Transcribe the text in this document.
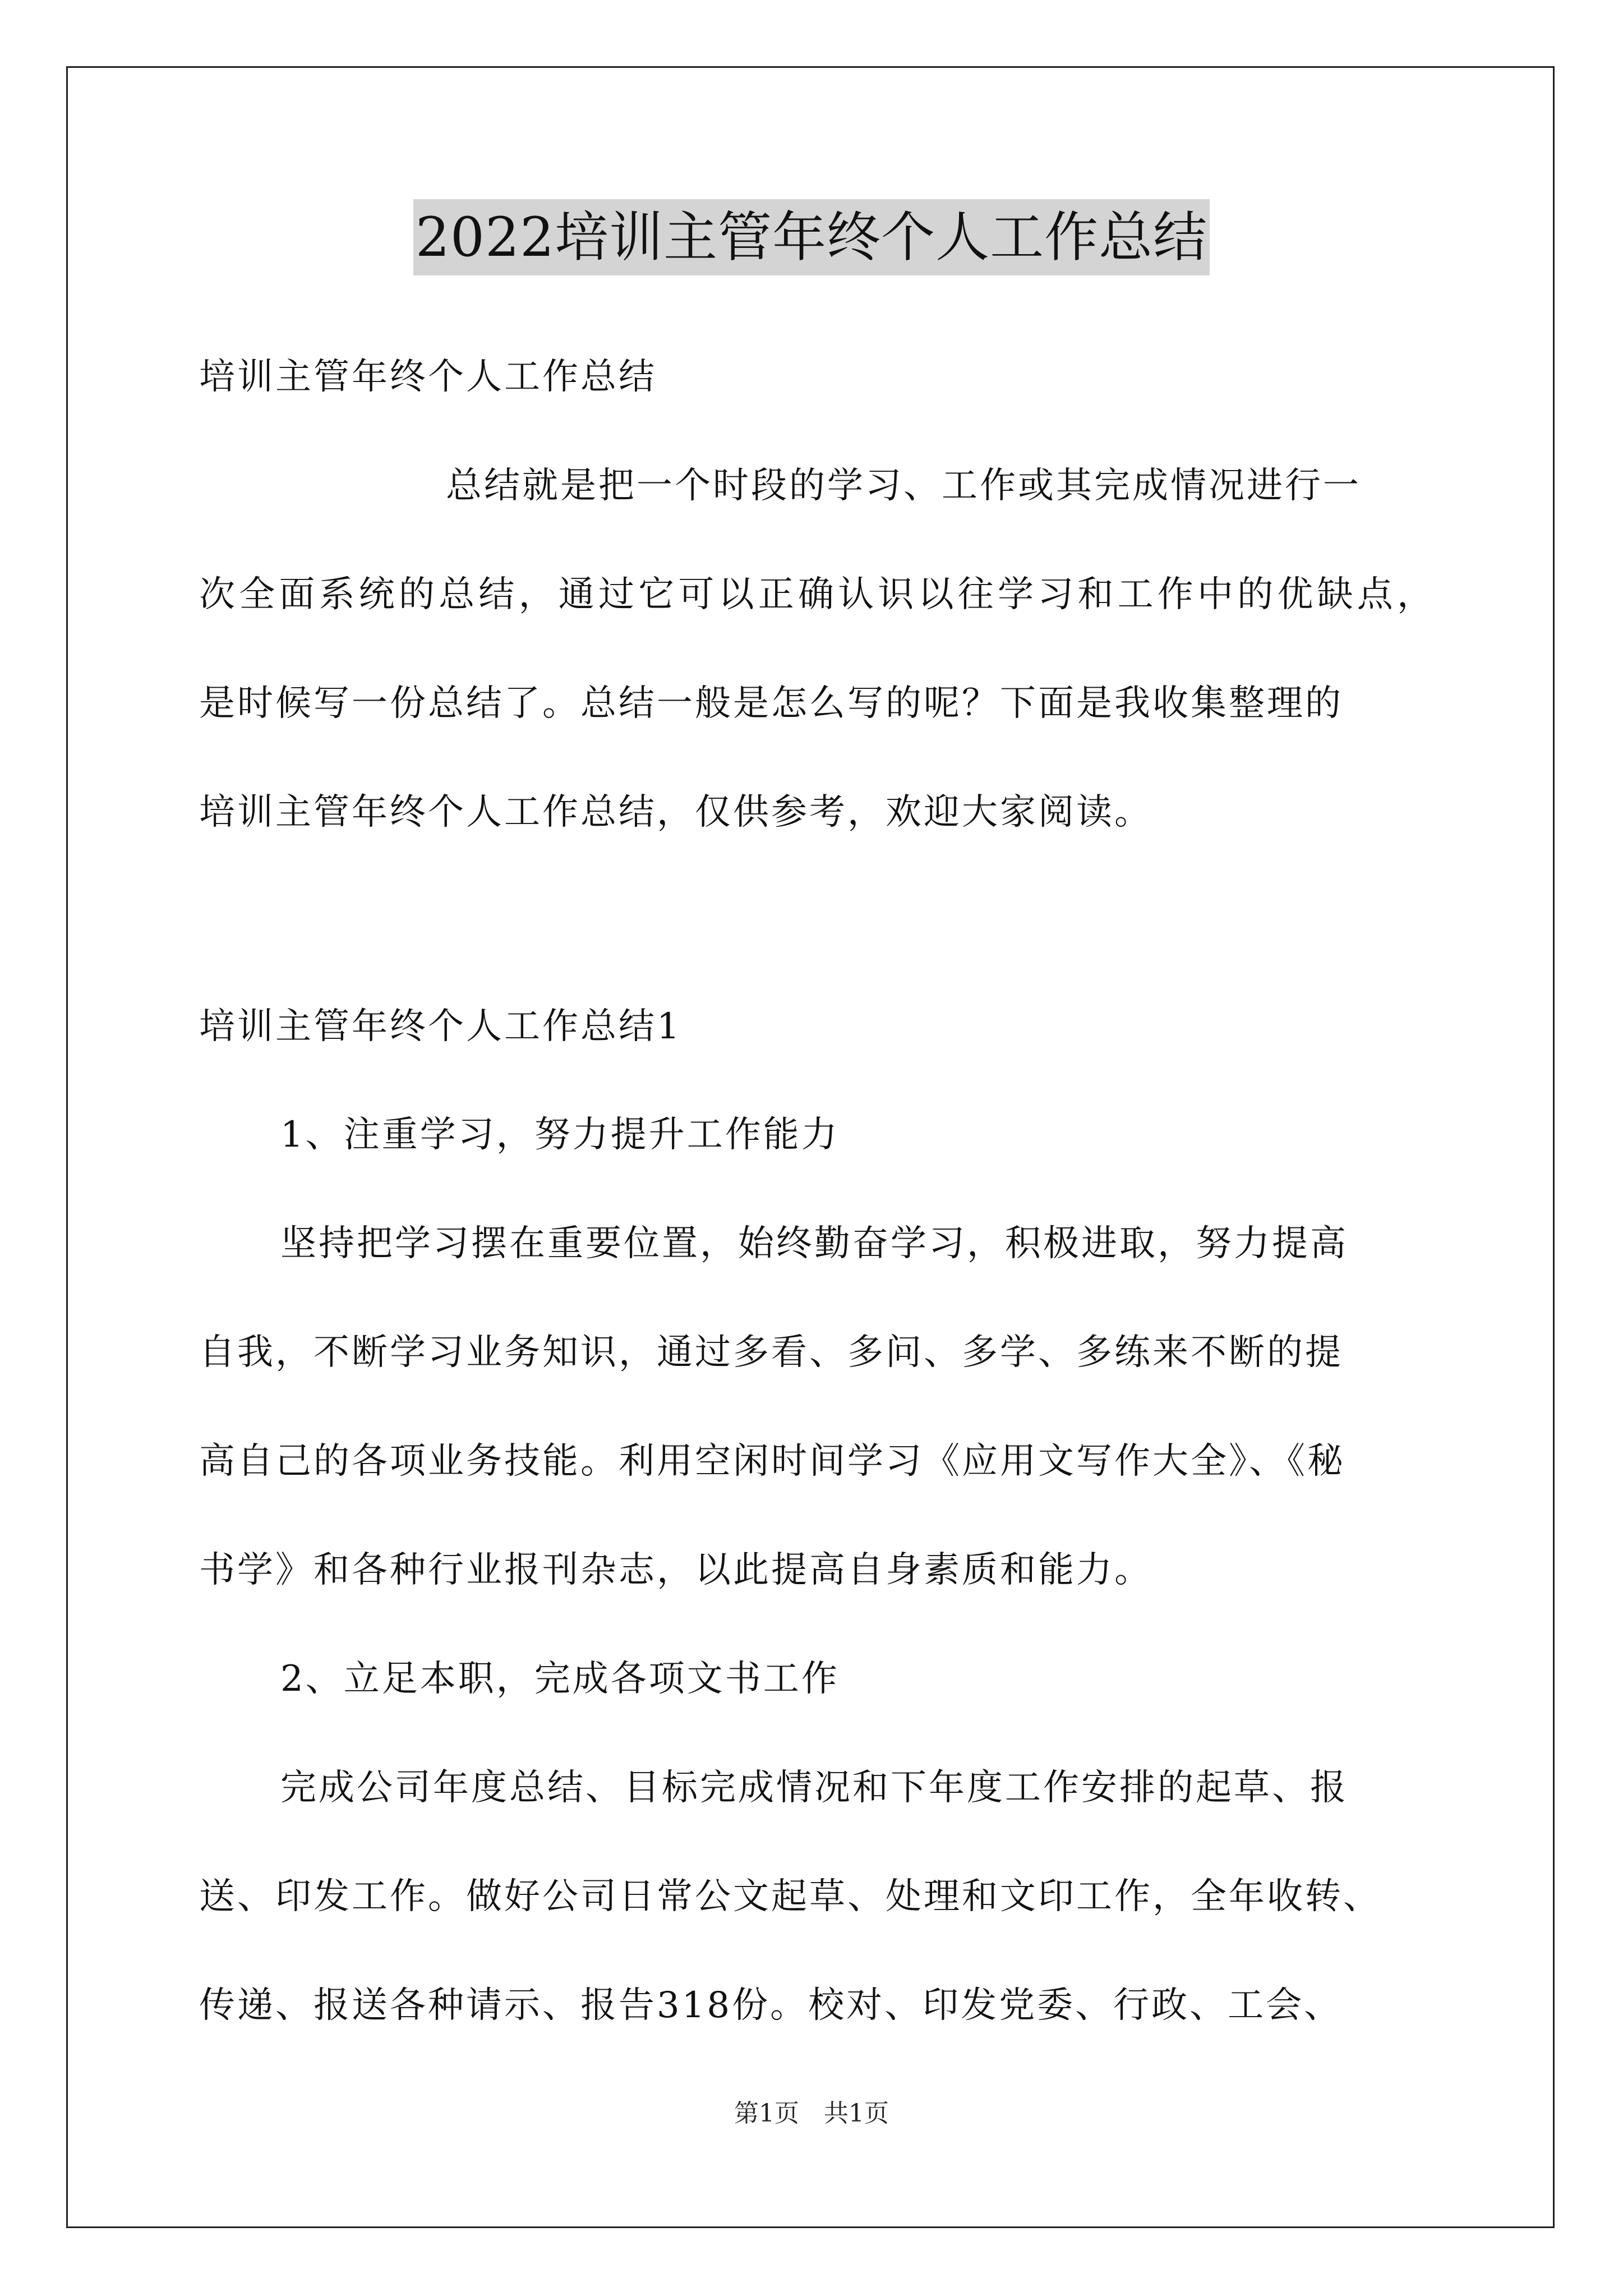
2022培训主管年终个人工作总结
培训主管年终个人工作总结
总结就是把一个时段的学习、工作或其完成情况进行一
次全面系统的总结，通过它可以正确认识以往学习和工作中的优缺点，
是时候写一份总结了。总结一般是怎么写的呢？下面是我收集整理的
培训主管年终个人工作总结，仅供参考，欢迎大家阅读。
培训主管年终个人工作总结1
1、注重学习，努力提升工作能力
坚持把学习摆在重要位置，始终勤奋学习，积极进取，努力提高
自我，不断学习业务知识，通过多看、多问、多学、多练来不断的提
高自己的各项业务技能。利用空闲时间学习《应用文写作大全》、《秘
书学》和各种行业报刊杂志，以此提高自身素质和能力。
2、立足本职，完成各项文书工作
完成公司年度总结、目标完成情况和下年度工作安排的起草、报
送、印发工作。做好公司日常公文起草、处理和文印工作，全年收转、
传递、报送各种请示、报告318份。校对、印发党委、行政、工会、
第1页　共1页
